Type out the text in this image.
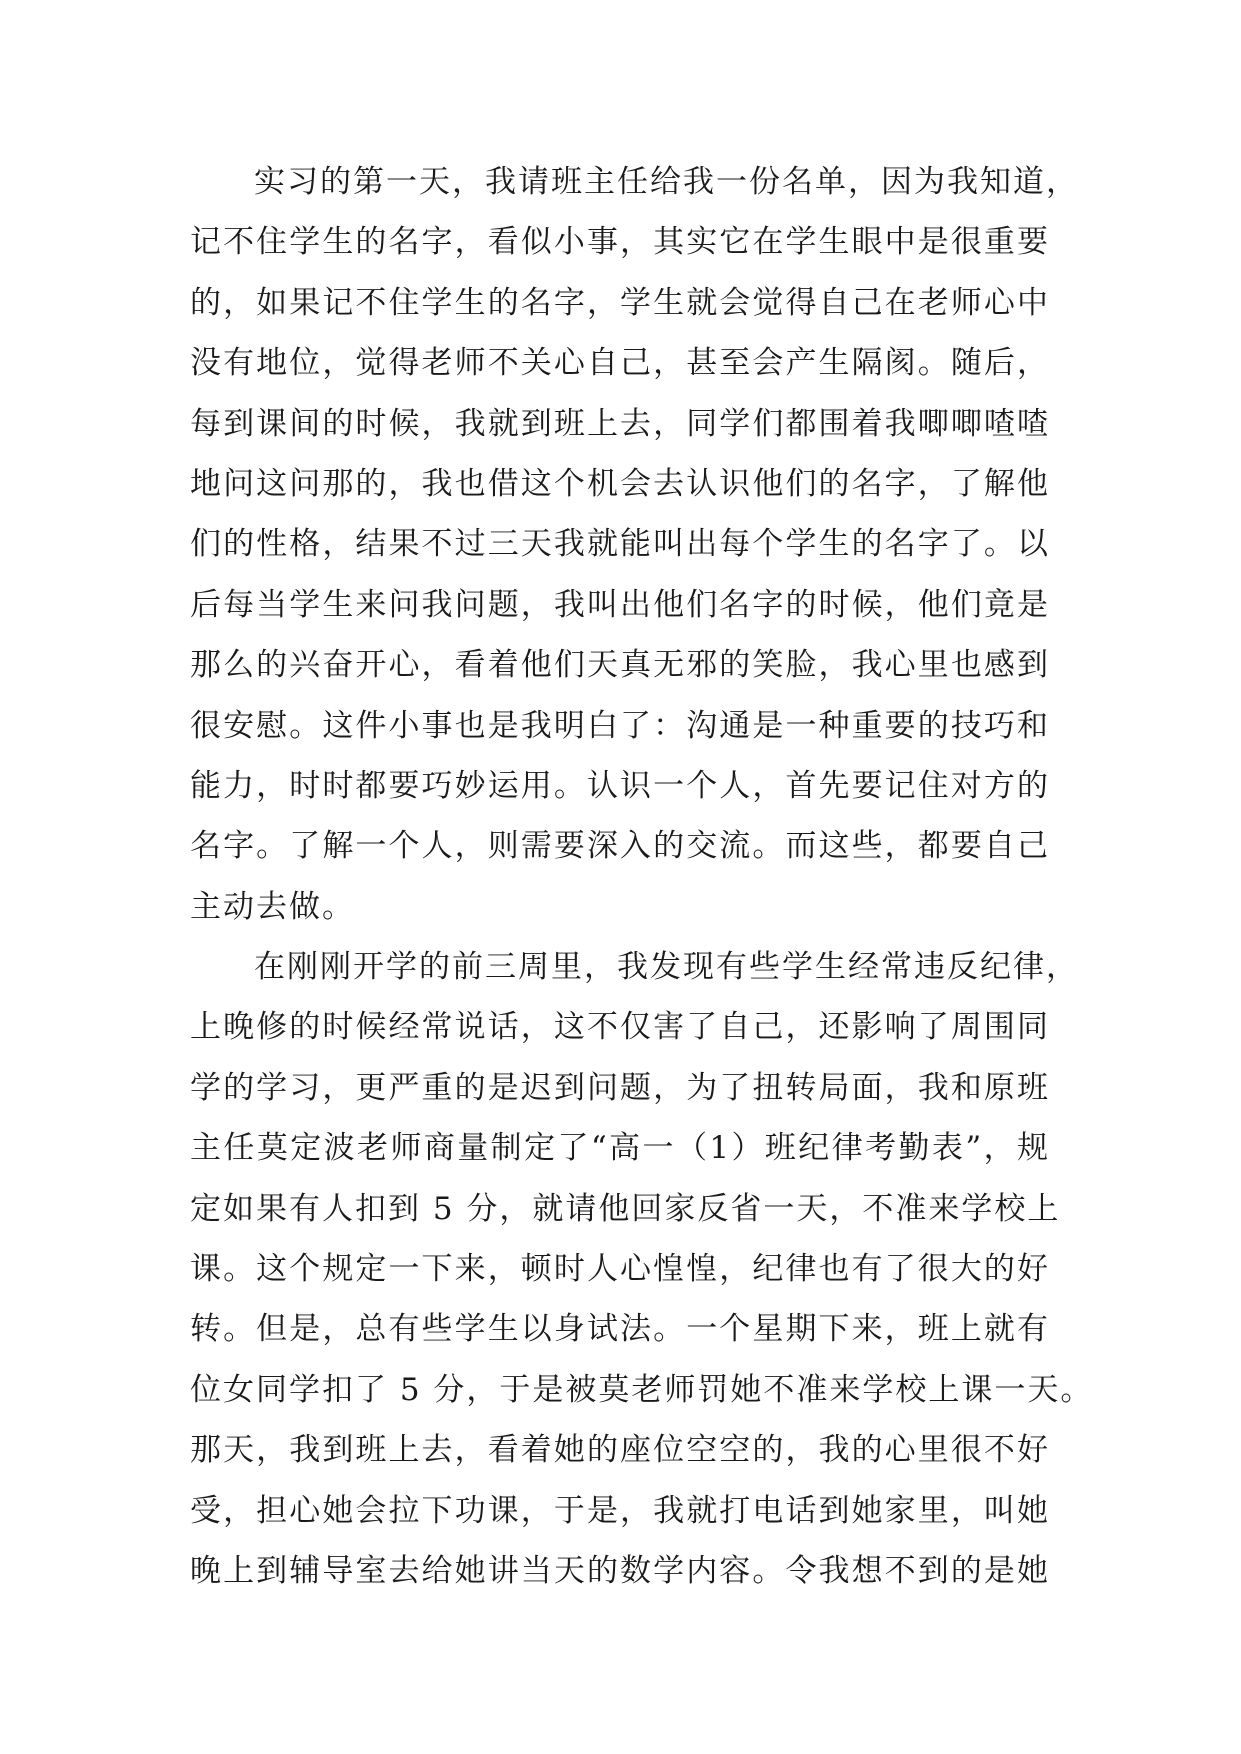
实习的第一天，我请班主任给我一份名单，因为我知道，
记不住学生的名字，看似小事，其实它在学生眼中是很重要
的，如果记不住学生的名字，学生就会觉得自己在老师心中
没有地位，觉得老师不关心自己，甚至会产生隔阂。随后，
每到课间的时候，我就到班上去，同学们都围着我唧唧喳喳
地问这问那的，我也借这个机会去认识他们的名字，了解他
们的性格，结果不过三天我就能叫出每个学生的名字了。以
后每当学生来问我问题，我叫出他们名字的时候，他们竟是
那么的兴奋开心，看着他们天真无邪的笑脸，我心里也感到
很安慰。这件小事也是我明白了：沟通是一种重要的技巧和
能力，时时都要巧妙运用。认识一个人，首先要记住对方的
名字。了解一个人，则需要深入的交流。而这些，都要自己
主动去做。
在刚刚开学的前三周里，我发现有些学生经常违反纪律，
上晚修的时候经常说话，这不仅害了自己，还影响了周围同
学的学习，更严重的是迟到问题，为了扭转局面，我和原班
主任莫定波老师商量制定了“高一（1）班纪律考勤表”，规
定如果有人扣到 5 分，就请他回家反省一天，不准来学校上
课。这个规定一下来，顿时人心惶惶，纪律也有了很大的好
转。但是，总有些学生以身试法。一个星期下来，班上就有
位女同学扣了 5 分，于是被莫老师罚她不准来学校上课一天。
那天，我到班上去，看着她的座位空空的，我的心里很不好
受，担心她会拉下功课，于是，我就打电话到她家里，叫她
晚上到辅导室去给她讲当天的数学内容。令我想不到的是她
